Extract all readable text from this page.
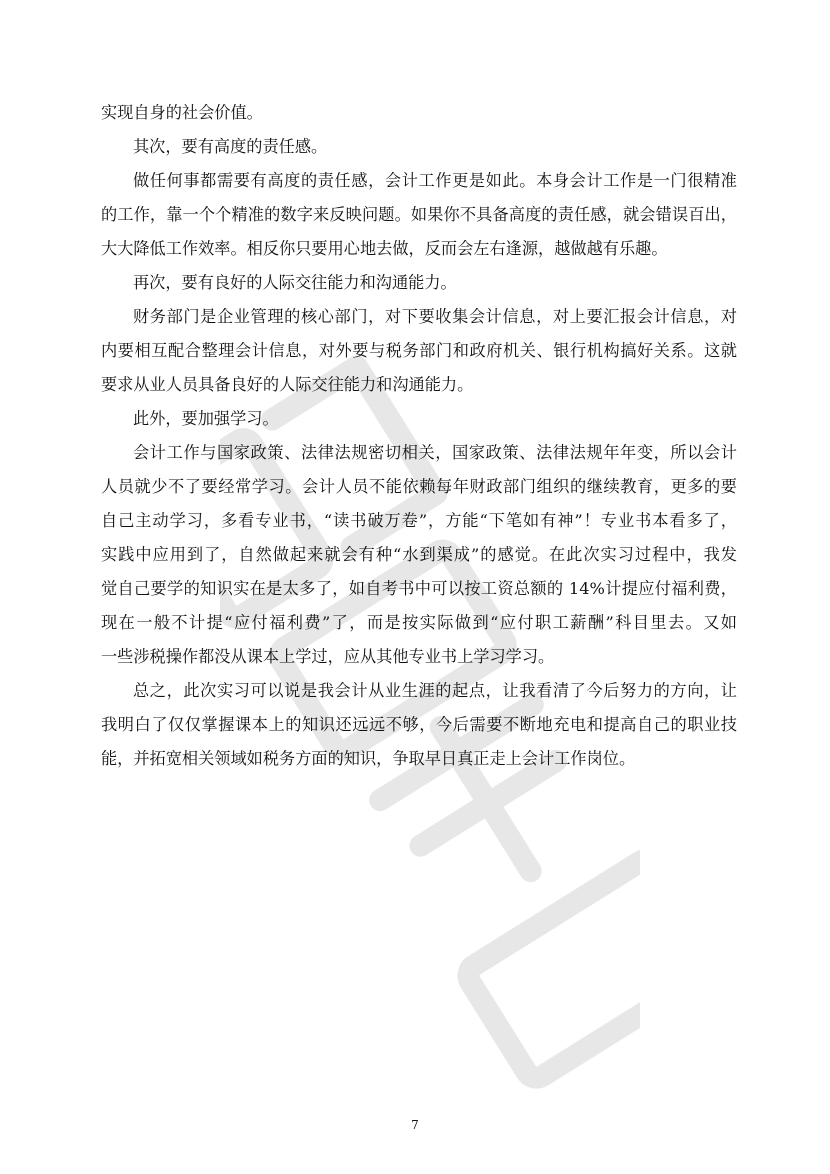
实现自身的社会价值。
其次，要有高度的责任感。
做任何事都需要有高度的责任感，会计工作更是如此。本身会计工作是一门很精准
的工作，靠一个个精准的数字来反映问题。如果你不具备高度的责任感，就会错误百出，
大大降低工作效率。相反你只要用心地去做，反而会左右逢源，越做越有乐趣。
再次，要有良好的人际交往能力和沟通能力。
财务部门是企业管理的核心部门，对下要收集会计信息，对上要汇报会计信息，对
内要相互配合整理会计信息，对外要与税务部门和政府机关、银行机构搞好关系。这就
要求从业人员具备良好的人际交往能力和沟通能力。
此外，要加强学习。
会计工作与国家政策、法律法规密切相关，国家政策、法律法规年年变，所以会计
人员就少不了要经常学习。会计人员不能依赖每年财政部门组织的继续教育，更多的要
自己主动学习，多看专业书，“读书破万卷”，方能“下笔如有神”！专业书本看多了，
实践中应用到了，自然做起来就会有种“水到渠成”的感觉。在此次实习过程中，我发
觉自己要学的知识实在是太多了，如自考书中可以按工资总额的 14%计提应付福利费，
现在一般不计提“应付福利费”了，而是按实际做到“应付职工薪酬”科目里去。又如
一些涉税操作都没从课本上学过，应从其他专业书上学习学习。
总之，此次实习可以说是我会计从业生涯的起点，让我看清了今后努力的方向，让
我明白了仅仅掌握课本上的知识还远远不够，今后需要不断地充电和提高自己的职业技
能，并拓宽相关领域如税务方面的知识，争取早日真正走上会计工作岗位。
7
